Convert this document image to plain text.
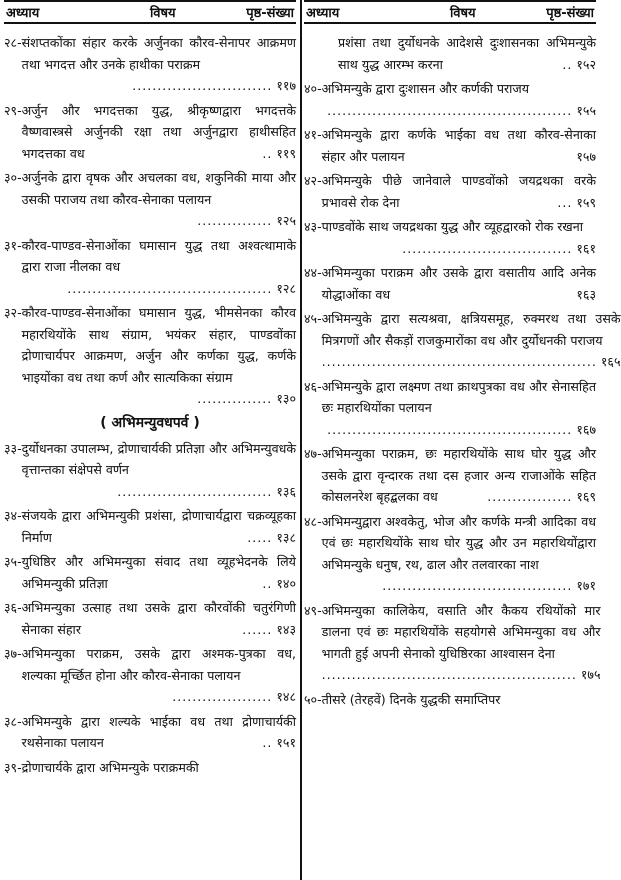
अध्याय	विषय	पृष्ठ-संख्या
२८- संशप्तकोंका संहार करके अर्जुनका कौरव-सेनापर आक्रमण तथा भगदत्त और उनके हाथीका पराक्रम
............................ ११७
२९- अर्जुन और भगदत्तका युद्ध, श्रीकृष्णद्वारा भगदत्तके वैष्णवास्त्रसे अर्जुनकी रक्षा तथा अर्जुनद्वारा हाथीसहित भगदत्तका वध	.. ११९
३०- अर्जुनके द्वारा वृषक और अचलका वध, शकुनिकी माया और उसकी पराजय तथा कौरव-सेनाका पलायन
............... १२५
३१- कौरव-पाण्डव-सेनाओंका घमासान युद्ध तथा अश्वत्थामाके द्वारा राजा नीलका वध
......................................... १२८
३२- कौरव-पाण्डव-सेनाओंका घमासान युद्ध, भीमसेनका कौरव महारथियोंके साथ संग्राम, भयंकर संहार, पाण्डवोंका द्रोणाचार्यपर आक्रमण, अर्जुन और कर्णका युद्ध, कर्णके भाइयोंका वध तथा कर्ण और सात्यकिका संग्राम
............... १३०
( अभिमन्युवधपर्व )
३३- दुर्योधनका उपालम्भ, द्रोणाचार्यकी प्रतिज्ञा और अभिमन्युवधके वृत्तान्तका संक्षेपसे वर्णन
............................... १३६
३४- संजयके द्वारा अभिमन्युकी प्रशंसा, द्रोणाचार्यद्वारा चक्रव्यूहका निर्माण	..... १३८
३५- युधिष्ठिर और अभिमन्युका संवाद तथा व्यूहभेदनके लिये अभिमन्युकी प्रतिज्ञा	.. १४०
३६- अभिमन्युका उत्साह तथा उसके द्वारा कौरवोंकी चतुरंगिणी सेनाका संहार	...... १४३
३७- अभिमन्युका पराक्रम, उसके द्वारा अश्मक-पुत्रका वध, शल्यका मूर्च्छित होना और कौरव-सेनाका पलायन
.................... १४८
३८- अभिमन्युके द्वारा शल्यके भाईका वध तथा द्रोणाचार्यकी रथसेनाका पलायन	.. १५१
३९- द्रोणाचार्यके द्वारा अभिमन्युके पराक्रमकी
अध्याय	विषय	पृष्ठ-संख्या
प्रशंसा तथा दुर्योधनके आदेशसे दुःशासनका अभिमन्युके साथ युद्ध आरम्भ करना	.. १५२
४०- अभिमन्युके द्वारा दुःशासन और कर्णकी पराजय
................................................. १५५
४१- अभिमन्युके द्वारा कर्णके भाईका वध तथा कौरव-सेनाका संहार और पलायन	१५७
४२- अभिमन्युके पीछे जानेवाले पाण्डवोंको जयद्रथका वरके प्रभावसे रोक देना	... १५९
४३- पाण्डवोंके साथ जयद्रथका युद्ध और व्यूहद्वारको रोक रखना
.................................. १६१
४४- अभिमन्युका पराक्रम और उसके द्वारा वसातीय आदि अनेक योद्धाओंका वध	१६३
४५- अभिमन्युके द्वारा सत्यश्रवा, क्षत्रियसमूह, रुक्मरथ तथा उसके मित्रगणों और सैकड़ों राजकुमारोंका वध और दुर्योधनकी पराजय
....................................................... १६५
४६- अभिमन्युके द्वारा लक्ष्मण तथा क्राथपुत्रका वध और सेनासहित छः महारथियोंका पलायन
................................................. १६७
४७- अभिमन्युका पराक्रम, छः महारथियोंके साथ घोर युद्ध और उसके द्वारा वृन्दारक तथा दस हजार अन्य राजाओंके सहित कोसलनरेश बृहद्बलका वध	................. १६९
४८- अभिमन्युद्वारा अश्वकेतु, भोज और कर्णके मन्त्री आदिका वध एवं छः महारथियोंके साथ घोर युद्ध और उन महारथियोंद्वारा अभिमन्युके धनुष, रथ, ढाल और तलवारका नाश
...................................... १७१
४९- अभिमन्युका कालिकेय, वसाति और कैकय रथियोंको मार डालना एवं छः महारथियोंके सहयोगसे अभिमन्युका वध और भागती हुई अपनी सेनाको युधिष्ठिरका आश्वासन देना
................................................... १७५
५०- तीसरे (तेरहवें) दिनके युद्धकी समाप्तिपर
